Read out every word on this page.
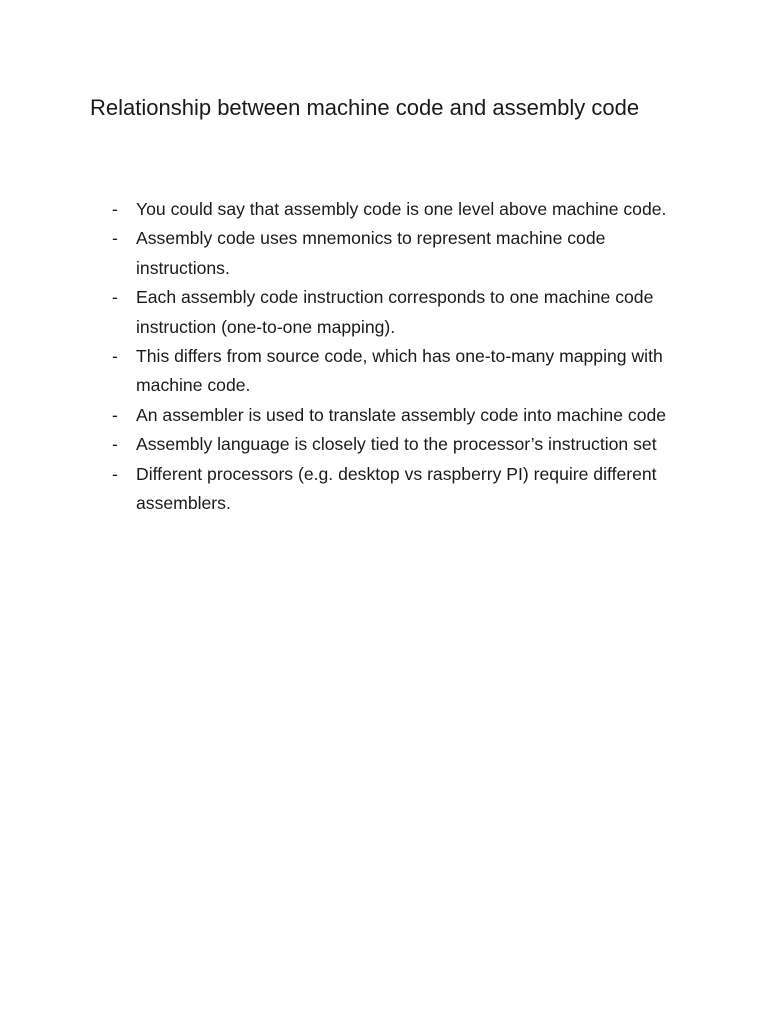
Relationship between machine code and assembly code
- You could say that assembly code is one level above machine code.
- Assembly code uses mnemonics to represent machine code instructions.
- Each assembly code instruction corresponds to one machine code instruction (one-to-one mapping).
- This differs from source code, which has one-to-many mapping with machine code.
- An assembler is used to translate assembly code into machine code
- Assembly language is closely tied to the processor’s instruction set
- Different processors (e.g. desktop vs raspberry PI) require different assemblers.
